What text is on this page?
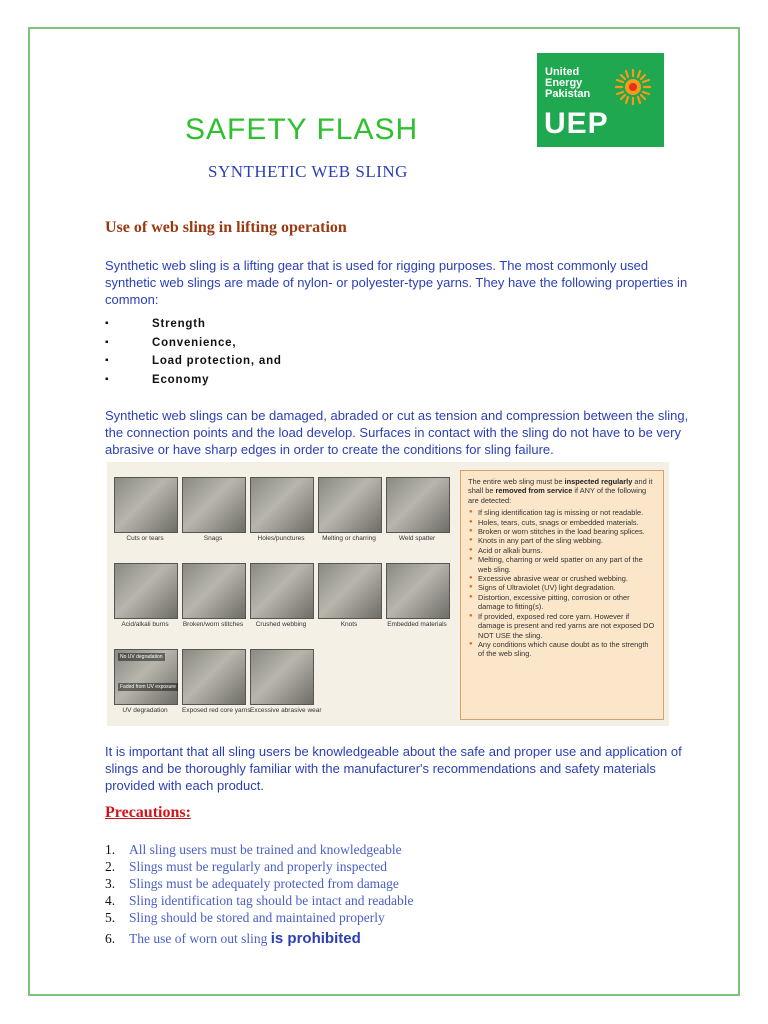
United
Energy
Pakistan
UEP
SAFETY FLASH
SYNTHETIC WEB SLING
Use of web sling in lifting operation
Synthetic web sling is a lifting gear that is used for rigging purposes. The most commonly used synthetic web slings are made of nylon- or polyester-type yarns. They have the following properties in common:
▪ Strength
▪ Convenience,
▪ Load protection, and
▪ Economy
Synthetic web slings can be damaged, abraded or cut as tension and compression between the sling, the connection points and the load develop. Surfaces in contact with the sling do not have to be very abrasive or have sharp edges in order to create the conditions for sling failure.
Cuts or tears	Snags	Holes/punctures	Melting or charring	Weld spatter
Acid/alkali burns	Broken/worn stitches	Crushed webbing	Knots	Embedded materials
No UV degradation
Faded from UV exposure
UV degradation	Exposed red core yarns Excessive abrasive wear
The entire web sling must be inspected regularly and it shall be removed from service if ANY of the following are detected:
● If sling identification tag is missing or not readable.
● Holes, tears, cuts, snags or embedded materials.
● Broken or worn stitches in the load bearing splices.
● Knots in any part of the sling webbing.
● Acid or alkali burns.
● Melting, charring or weld spatter on any part of the web sling.
● Excessive abrasive wear or crushed webbing.
● Signs of Ultraviolet (UV) light degradation.
● Distortion, excessive pitting, corrosion or other damage to fitting(s).
● If provided, exposed red core yarn. However if damage is present and red yarns are not exposed DO NOT USE the sling.
● Any conditions which cause doubt as to the strength of the web sling.
It is important that all sling users be knowledgeable about the safe and proper use and application of slings and be thoroughly familiar with the manufacturer's recommendations and safety materials provided with each product.
Precautions:
1. All sling users must be trained and knowledgeable
2. Slings must be regularly and properly inspected
3. Slings must be adequately protected from damage
4. Sling identification tag should be intact and readable
5. Sling should be stored and maintained properly
6. The use of worn out sling is prohibited
